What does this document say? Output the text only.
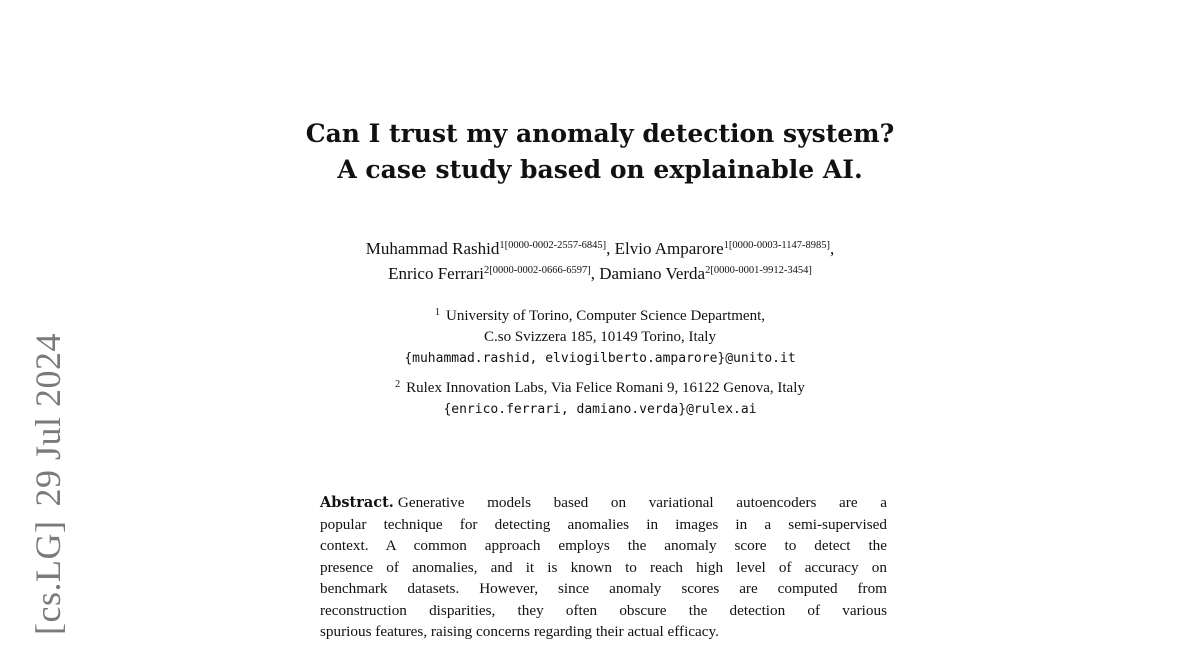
[cs.LG]29 Jul 2024
Can I trust my anomaly detection system?
A case study based on explainable AI.
Muhammad Rashid$^{1[0000-0002-2557-6845]}$, Elvio Amparore$^{1[0000-0003-1147-8985]}$,
Enrico Ferrari$^{2[0000-0002-0666-6597]}$, Damiano Verda$^{2[0000-0001-9912-3454]}$
$^1$ University of Torino, Computer Science Department,
C.so Svizzera 185, 10149 Torino, Italy
{muhammad.rashid, elviogilberto.amparore}@unito.it
$^2$ Rulex Innovation Labs, Via Felice Romani 9, 16122 Genova, Italy
{enrico.ferrari, damiano.verda}@rulex.ai
Abstract. Generative models based on variational autoencoders are a
popular technique for detecting anomalies in images in a semi-supervised
context. A common approach employs the anomaly score to detect the
presence of anomalies, and it is known to reach high level of accuracy on
benchmark datasets. However, since anomaly scores are computed from
reconstruction disparities, they often obscure the detection of various
spurious features, raising concerns regarding their actual efficacy.
